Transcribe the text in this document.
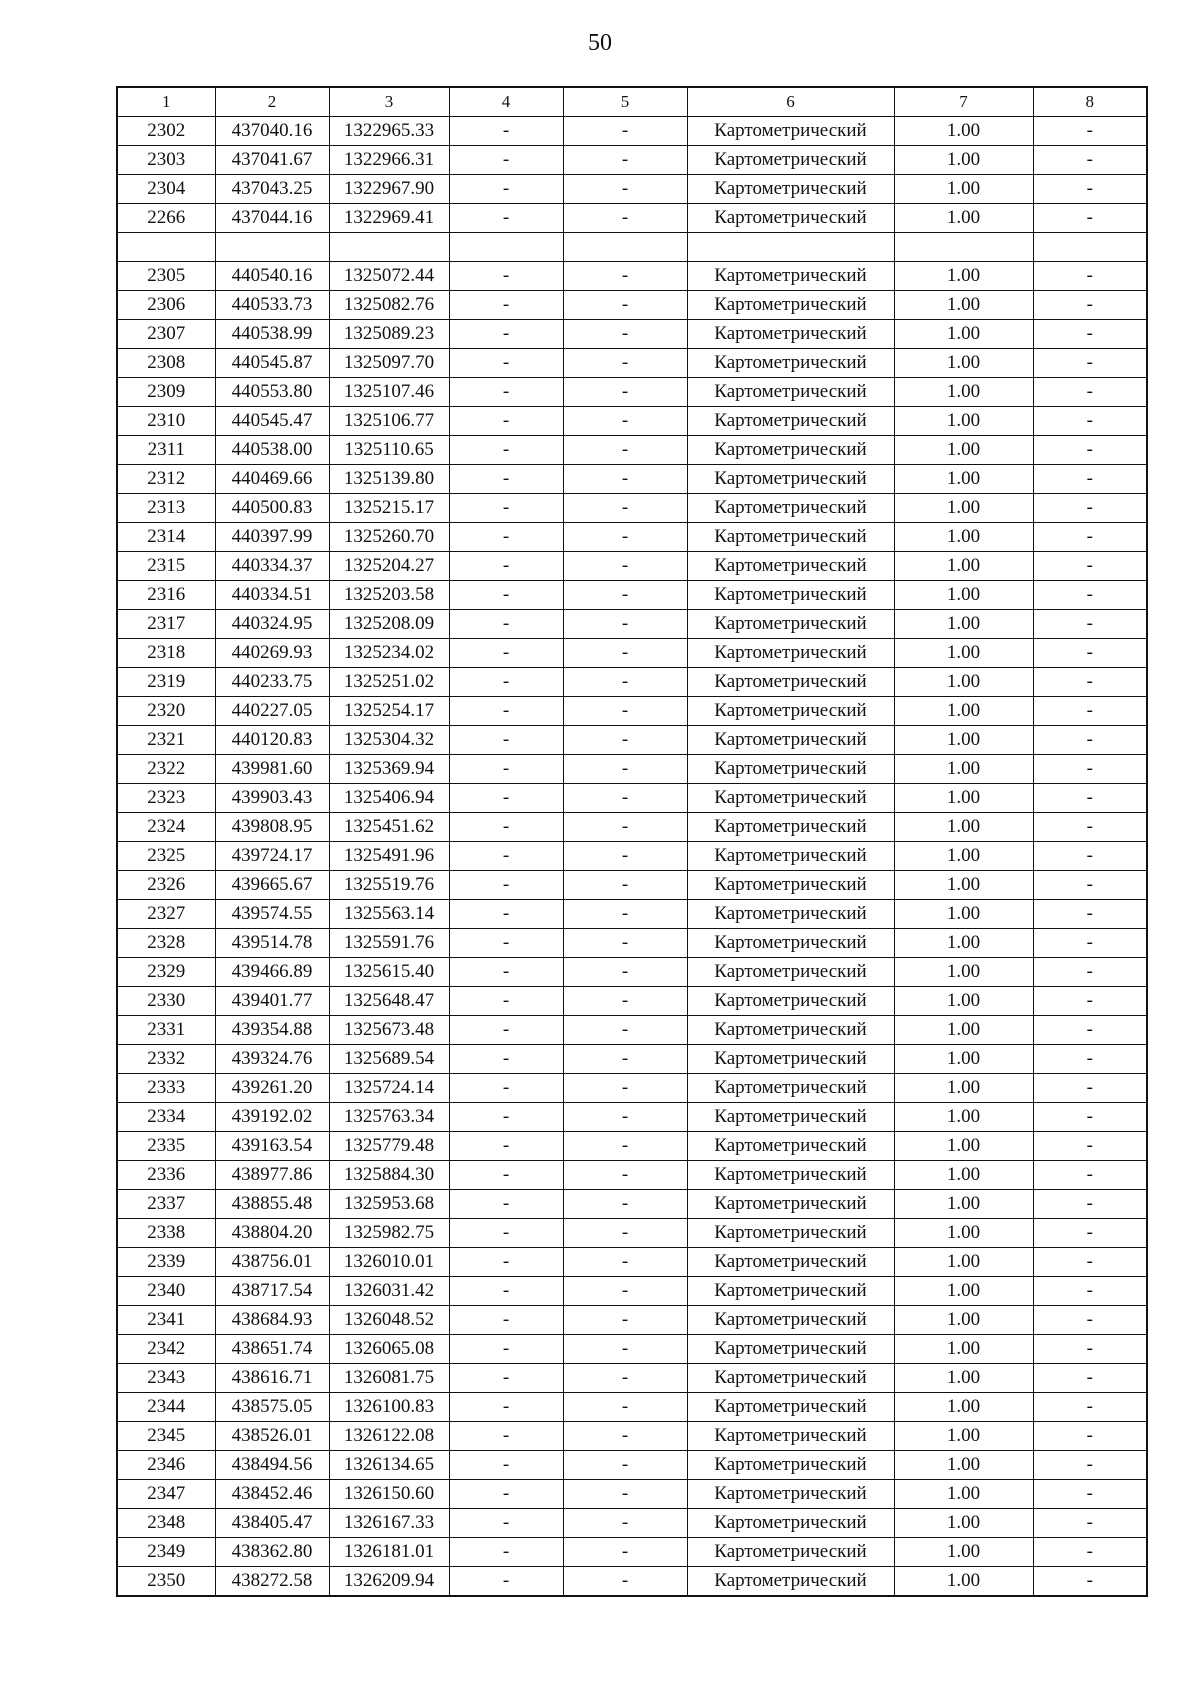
50
1	2	3	4	5	6	7	8
2302	437040.16	1322965.33	-	-	Картометрический	1.00	-
2303	437041.67	1322966.31	-	-	Картометрический	1.00	-
2304	437043.25	1322967.90	-	-	Картометрический	1.00	-
2266	437044.16	1322969.41	-	-	Картометрический	1.00	-

2305	440540.16	1325072.44	-	-	Картометрический	1.00	-
2306	440533.73	1325082.76	-	-	Картометрический	1.00	-
2307	440538.99	1325089.23	-	-	Картометрический	1.00	-
2308	440545.87	1325097.70	-	-	Картометрический	1.00	-
2309	440553.80	1325107.46	-	-	Картометрический	1.00	-
2310	440545.47	1325106.77	-	-	Картометрический	1.00	-
2311	440538.00	1325110.65	-	-	Картометрический	1.00	-
2312	440469.66	1325139.80	-	-	Картометрический	1.00	-
2313	440500.83	1325215.17	-	-	Картометрический	1.00	-
2314	440397.99	1325260.70	-	-	Картометрический	1.00	-
2315	440334.37	1325204.27	-	-	Картометрический	1.00	-
2316	440334.51	1325203.58	-	-	Картометрический	1.00	-
2317	440324.95	1325208.09	-	-	Картометрический	1.00	-
2318	440269.93	1325234.02	-	-	Картометрический	1.00	-
2319	440233.75	1325251.02	-	-	Картометрический	1.00	-
2320	440227.05	1325254.17	-	-	Картометрический	1.00	-
2321	440120.83	1325304.32	-	-	Картометрический	1.00	-
2322	439981.60	1325369.94	-	-	Картометрический	1.00	-
2323	439903.43	1325406.94	-	-	Картометрический	1.00	-
2324	439808.95	1325451.62	-	-	Картометрический	1.00	-
2325	439724.17	1325491.96	-	-	Картометрический	1.00	-
2326	439665.67	1325519.76	-	-	Картометрический	1.00	-
2327	439574.55	1325563.14	-	-	Картометрический	1.00	-
2328	439514.78	1325591.76	-	-	Картометрический	1.00	-
2329	439466.89	1325615.40	-	-	Картометрический	1.00	-
2330	439401.77	1325648.47	-	-	Картометрический	1.00	-
2331	439354.88	1325673.48	-	-	Картометрический	1.00	-
2332	439324.76	1325689.54	-	-	Картометрический	1.00	-
2333	439261.20	1325724.14	-	-	Картометрический	1.00	-
2334	439192.02	1325763.34	-	-	Картометрический	1.00	-
2335	439163.54	1325779.48	-	-	Картометрический	1.00	-
2336	438977.86	1325884.30	-	-	Картометрический	1.00	-
2337	438855.48	1325953.68	-	-	Картометрический	1.00	-
2338	438804.20	1325982.75	-	-	Картометрический	1.00	-
2339	438756.01	1326010.01	-	-	Картометрический	1.00	-
2340	438717.54	1326031.42	-	-	Картометрический	1.00	-
2341	438684.93	1326048.52	-	-	Картометрический	1.00	-
2342	438651.74	1326065.08	-	-	Картометрический	1.00	-
2343	438616.71	1326081.75	-	-	Картометрический	1.00	-
2344	438575.05	1326100.83	-	-	Картометрический	1.00	-
2345	438526.01	1326122.08	-	-	Картометрический	1.00	-
2346	438494.56	1326134.65	-	-	Картометрический	1.00	-
2347	438452.46	1326150.60	-	-	Картометрический	1.00	-
2348	438405.47	1326167.33	-	-	Картометрический	1.00	-
2349	438362.80	1326181.01	-	-	Картометрический	1.00	-
2350	438272.58	1326209.94	-	-	Картометрический	1.00	-
